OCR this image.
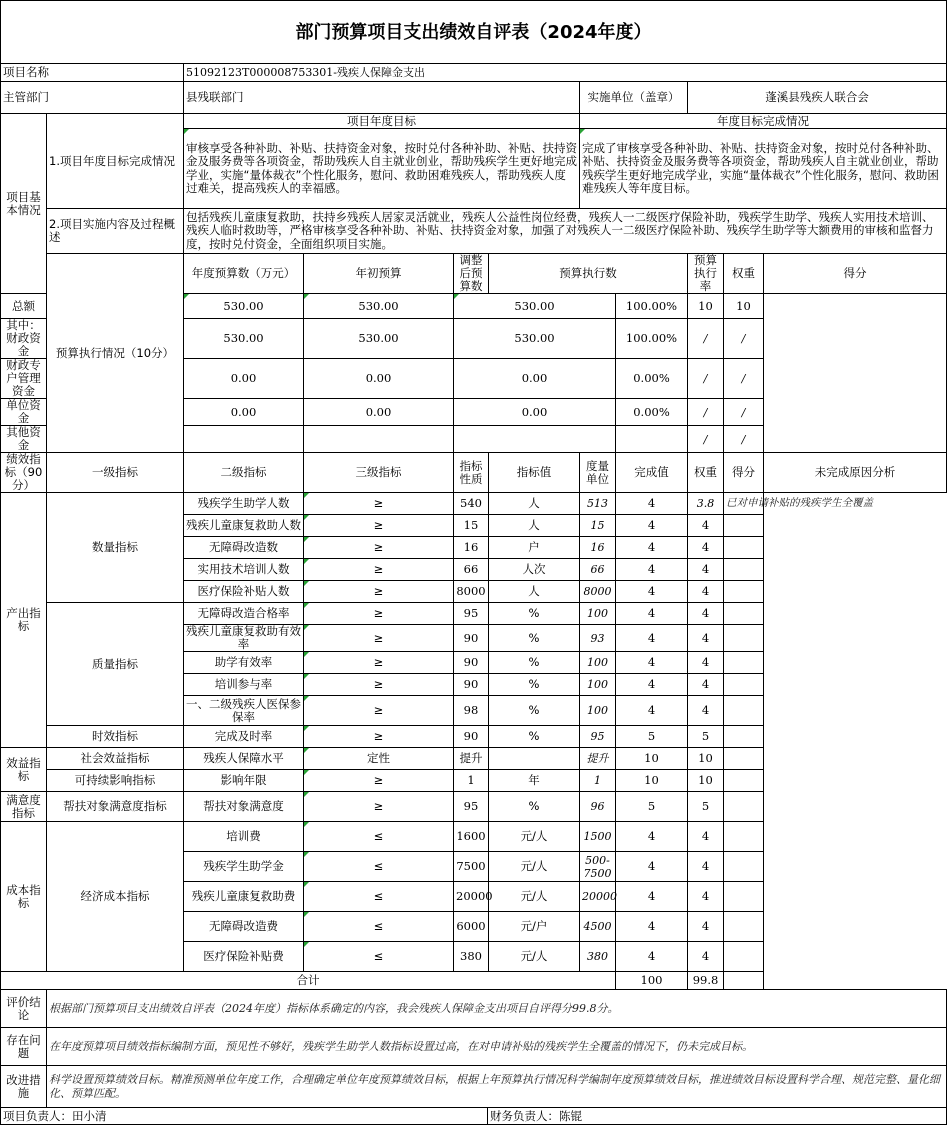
部门预算项目支出绩效自评表（2024年度）											
项目名称		51092123T000008753301-残疾人保障金支出									
主管部门		县残联部门				实施单位（盖章）		蓬溪县残疾人联合会			
项目基本情况	1.项目年度目标完成情况	项目年度目标				年度目标完成情况					
		审核享受各种补助、补贴、扶持资金对象，按时兑付各种补助、补贴、扶持资金及服务费等各项资金，帮助残疾人自主就业创业，帮助残疾学生更好地完成学业，实施“量体裁衣”个性化服务，慰问、救助困难残疾人，帮助残疾人度过难关，提高残疾人的幸福感。				完成了审核享受各种补助、补贴、扶持资金对象，按时兑付各种补助、补贴、扶持资金及服务费等各项资金，帮助残疾人自主就业创业，帮助残疾学生更好地完成学业，实施“量体裁衣”个性化服务，慰问、救助困难残疾人等年度目标。					
	2.项目实施内容及过程概述	包括残疾儿童康复救助，扶持乡残疾人居家灵活就业，残疾人公益性岗位经费，残疾人一二级医疗保险补助，残疾学生助学、残疾人实用技术培训、残疾人临时救助等，严格审核享受各种补助、补贴、扶持资金对象，加强了对残疾人一二级医疗保险补助、残疾学生助学等大额费用的审核和监督力度，按时兑付资金，全面组织项目实施。									
	预算执行情况（10分）	年度预算数（万元）	年初预算	调整后预算数	预算执行数			预算执行率	权重	得分	
总额		530.00	530.00	530.00			100.00%	10	10		
其中：财政资金		530.00	530.00	530.00			100.00%	/	/		
财政专户管理资金		0.00	0.00	0.00			0.00%	/	/		
单位资金		0.00	0.00	0.00			0.00%	/	/		
其他资金								/	/		
绩效指标（90分）	一级指标	二级指标	三级指标	指标性质	指标值	度量单位	完成值	权重	得分	未完成原因分析	
产出指标	数量指标	残疾学生助学人数	≥	540	人	513	4	3.8	已对申请补贴的残疾学生全覆盖		
		残疾儿童康复救助人数	≥	15	人	15	4	4			
		无障碍改造数	≥	16	户	16	4	4			
		实用技术培训人数	≥	66	人次	66	4	4			
		医疗保险补贴人数	≥	8000	人	8000	4	4			
	质量指标	无障碍改造合格率	≥	95	%	100	4	4			
		残疾儿童康复救助有效率	≥	90	%	93	4	4			
		助学有效率	≥	90	%	100	4	4			
		培训参与率	≥	90	%	100	4	4			
		一、二级残疾人医保参保率	≥	98	%	100	4	4			
	时效指标	完成及时率	≥	90	%	95	5	5			
效益指标	社会效益指标	残疾人保障水平	定性	提升		提升	10	10			
	可持续影响指标	影响年限	≥	1	年	1	10	10			
满意度指标	帮扶对象满意度指标	帮扶对象满意度	≥	95	%	96	5	5			
成本指标	经济成本指标	培训费	≤	1600	元/人	1500	4	4			
		残疾学生助学金	≤	7500	元/人	500-7500	4	4			
		残疾儿童康复救助费	≤	20000	元/人	20000	4	4			
		无障碍改造费	≤	6000	元/户	4500	4	4			
		医疗保险补贴费	≤	380	元/人	380	4	4			
合计							100	99.8			
评价结论	根据部门预算项目支出绩效自评表（2024年度）指标体系确定的内容，我会残疾人保障金支出项目自评得分99.8分。
存在问题	在年度预算项目绩效指标编制方面，预见性不够好，残疾学生助学人数指标设置过高，在对申请补贴的残疾学生全覆盖的情况下，仍未完成目标。
改进措施	科学设置预算绩效目标。精准预测单位年度工作，合理确定单位年度预算绩效目标，根据上年预算执行情况科学编制年度预算绩效目标，推进绩效目标设置科学合理、规范完整、量化细化、预算匹配。
项目负责人：田小清	财务负责人：陈锟
